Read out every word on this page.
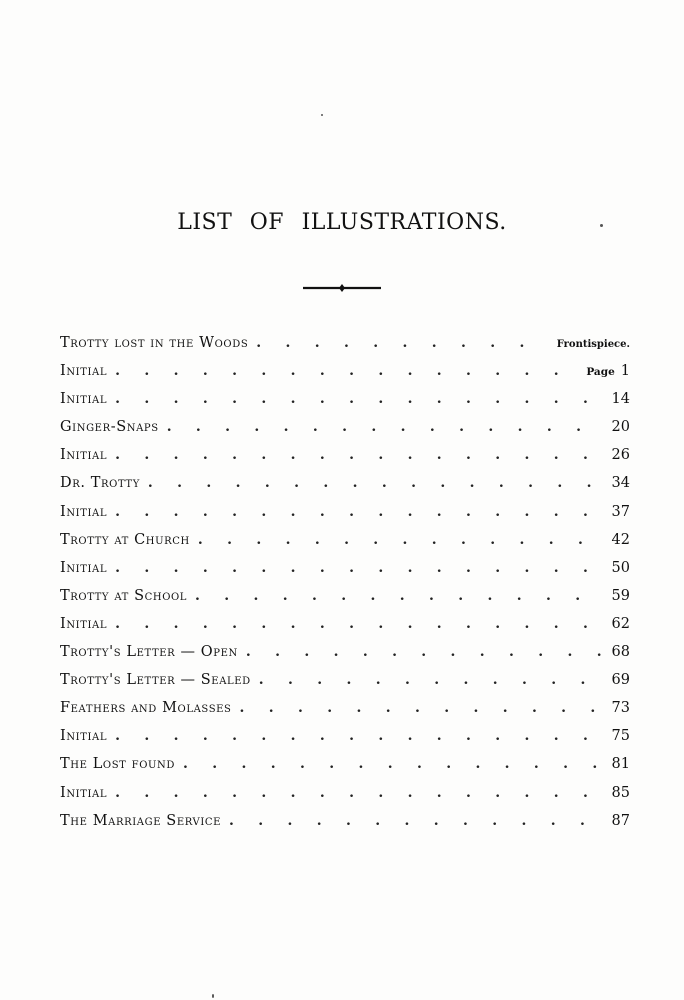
LIST OF ILLUSTRATIONS.
Trotty lost in the Woods .	Frontispiece.
Initial .	Page 1
Initial .	14
Ginger-Snaps .	20
Initial .	26
Dr. Trotty .	34
Initial .	37
Trotty at Church .	42
Initial .	50
Trotty at School .	59
Initial .	62
Trotty's Letter — Open .	68
Trotty's Letter — Sealed .	69
Feathers and Molasses .	73
Initial .	75
The Lost found .	81
Initial .	85
The Marriage Service .	87
